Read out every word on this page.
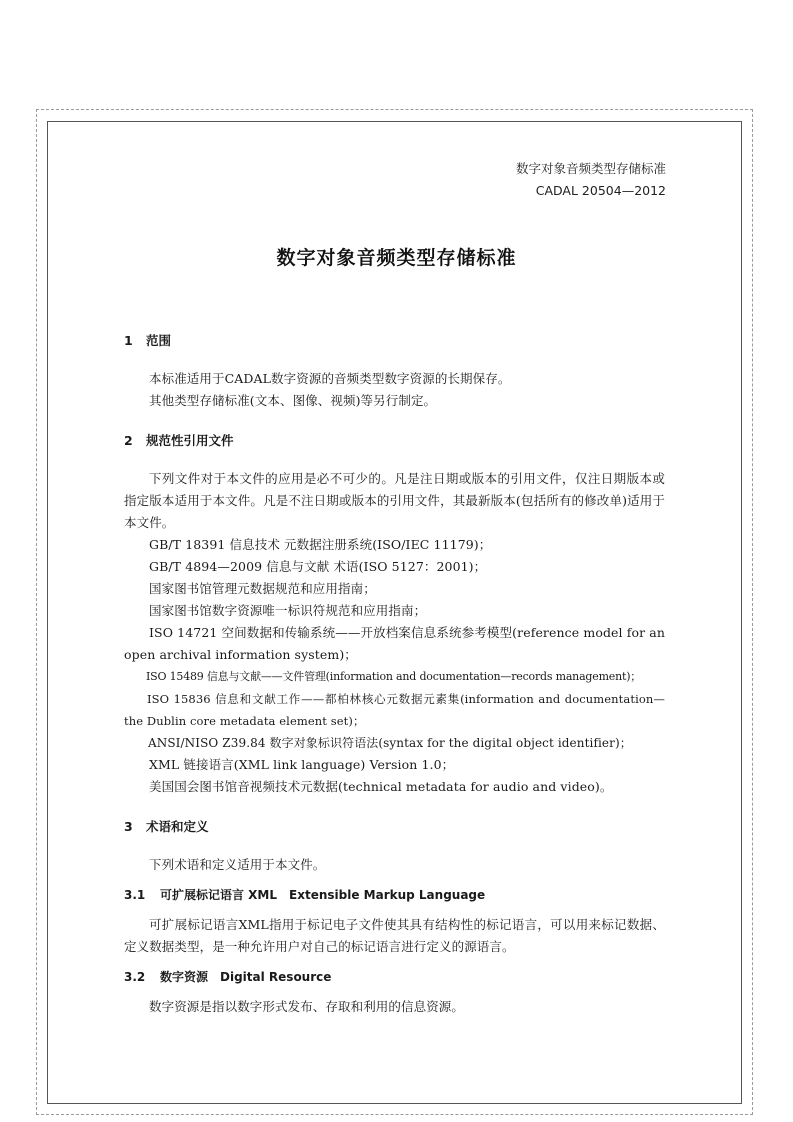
数字对象音频类型存储标准
CADAL 20504—2012
数字对象音频类型存储标准
1 范围

本标准适用于CADAL数字资源的音频类型数字资源的长期保存。

其他类型存储标准(文本、图像、视频)等另行制定。

2 规范性引用文件

下列文件对于本文件的应用是必不可少的。凡是注日期或版本的引用文件，仅注日期版本或指定版本适用于本文件。凡是不注日期或版本的引用文件，其最新版本(包括所有的修改单)适用于本文件。

GB/T 18391 信息技术 元数据注册系统(ISO/IEC 11179)；

GB/T 4894—2009 信息与文献 术语(ISO 5127：2001)；

国家图书馆管理元数据规范和应用指南；

国家图书馆数字资源唯一标识符规范和应用指南；

ISO 14721 空间数据和传输系统——开放档案信息系统参考模型(reference model for an open archival information system)；

ISO 15489 信息与文献——文件管理(information and documentation—records management)；

ISO 15836 信息和文献工作——都柏林核心元数据元素集(information and documentation—the Dublin core metadata element set)；

ANSI/NISO Z39.84 数字对象标识符语法(syntax for the digital object identifier)；

XML 链接语言(XML link language) Version 1.0；

美国国会图书馆音视频技术元数据(technical metadata for audio and video)。

3 术语和定义

下列术语和定义适用于本文件。

3.1 可扩展标记语言 XML Extensible Markup Language

可扩展标记语言XML指用于标记电子文件使其具有结构性的标记语言，可以用来标记数据、定义数据类型，是一种允许用户对自己的标记语言进行定义的源语言。

3.2 数字资源 Digital Resource

数字资源是指以数字形式发布、存取和利用的信息资源。
